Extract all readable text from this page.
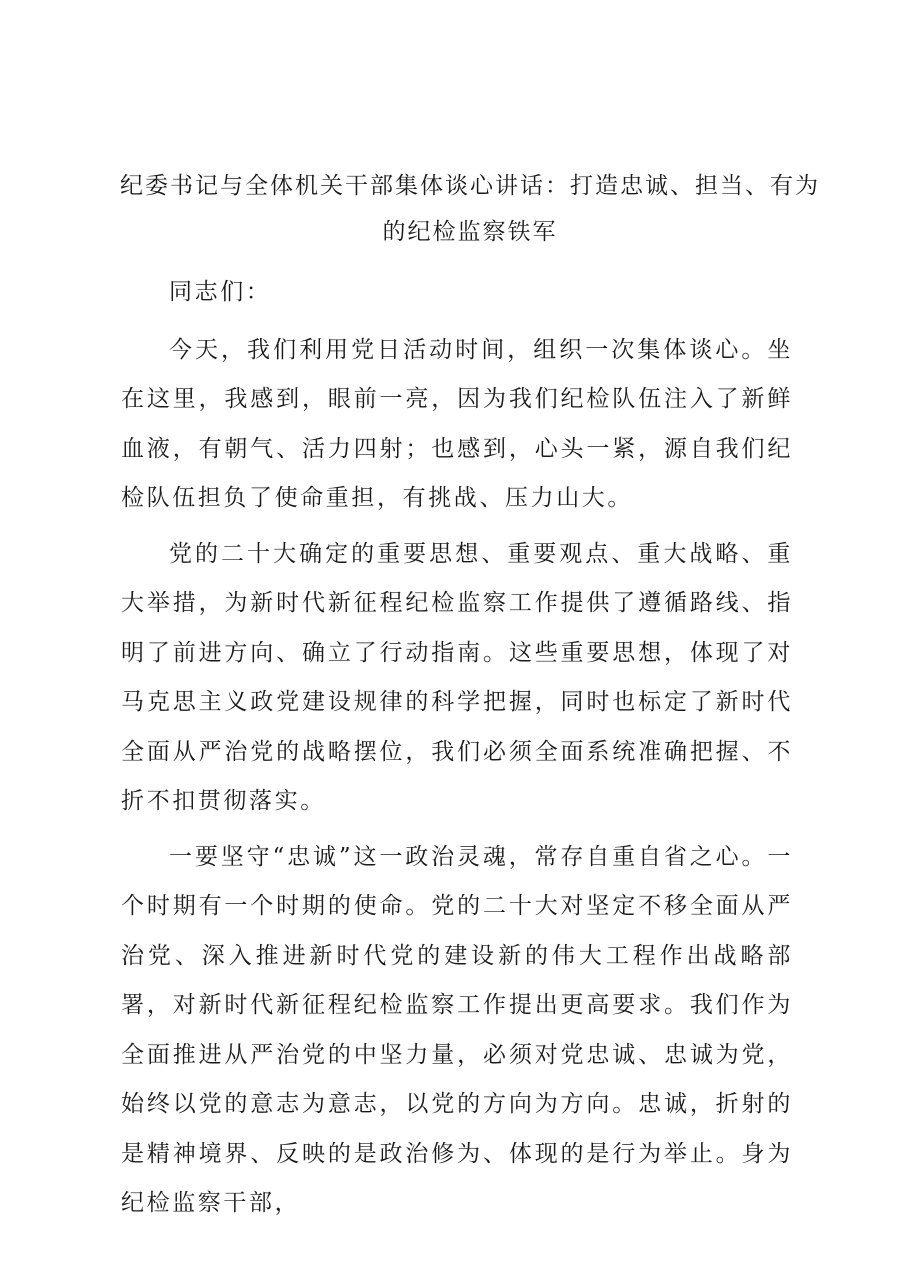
纪委书记与全体机关干部集体谈心讲话：打造忠诚、担当、有为的纪检监察铁军

同志们：

今天，我们利用党日活动时间，组织一次集体谈心。坐在这里，我感到，眼前一亮，因为我们纪检队伍注入了新鲜血液，有朝气、活力四射；也感到，心头一紧，源自我们纪检队伍担负了使命重担，有挑战、压力山大。

党的二十大确定的重要思想、重要观点、重大战略、重大举措，为新时代新征程纪检监察工作提供了遵循路线、指明了前进方向、确立了行动指南。这些重要思想，体现了对马克思主义政党建设规律的科学把握，同时也标定了新时代全面从严治党的战略摆位，我们必须全面系统准确把握、不折不扣贯彻落实。

一要坚守“忠诚”这一政治灵魂，常存自重自省之心。一个时期有一个时期的使命。党的二十大对坚定不移全面从严治党、深入推进新时代党的建设新的伟大工程作出战略部署，对新时代新征程纪检监察工作提出更高要求。我们作为全面推进从严治党的中坚力量，必须对党忠诚、忠诚为党，始终以党的意志为意志，以党的方向为方向。忠诚，折射的是精神境界、反映的是政治修为、体现的是行为举止。身为纪检监察干部，
